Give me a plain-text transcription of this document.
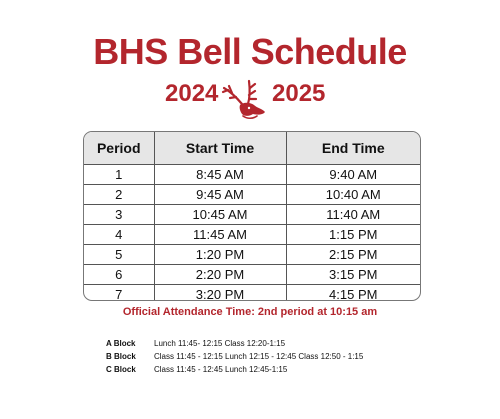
BHS Bell Schedule
2024 2025
Period	Start Time	End Time
1	8:45 AM	9:40 AM
2	9:45 AM	10:40 AM
3	10:45 AM	11:40 AM
4	11:45 AM	1:15 PM
5	1:20 PM	2:15 PM
6	2:20 PM	3:15 PM
7	3:20 PM	4:15 PM
Official Attendance Time: 2nd period at 10:15 am
A Block Lunch 11:45- 12:15 Class 12:20-1:15
B Block Class 11:45 - 12:15 Lunch 12:15 - 12:45 Class 12:50 - 1:15
C Block Class 11:45 - 12:45 Lunch 12:45-1:15
